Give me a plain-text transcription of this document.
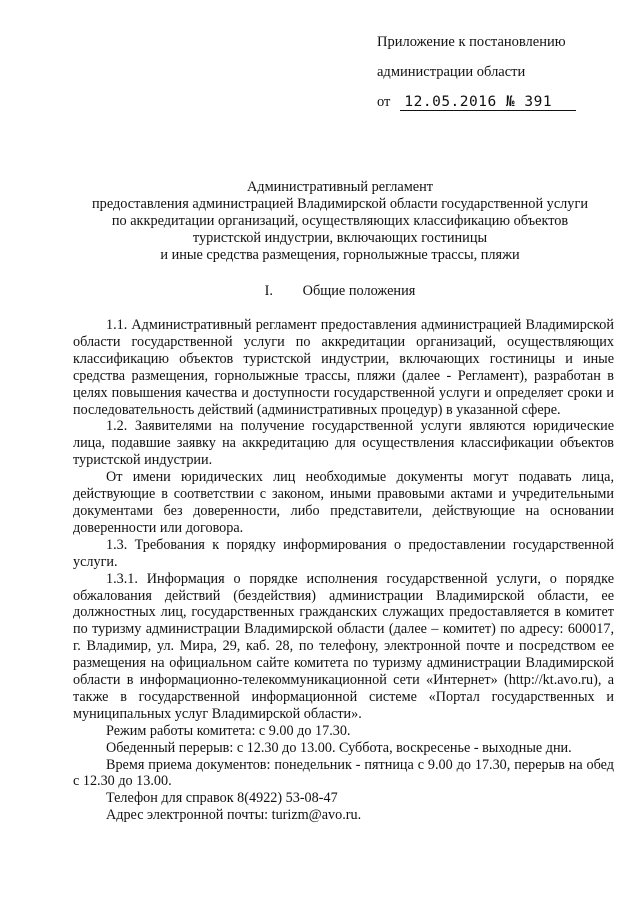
Приложение к постановлению
администрации области
от 12.05.2016 № 391
Административный регламент
предоставления администрацией Владимирской области государственной услуги
по аккредитации организаций, осуществляющих классификацию объектов
туристской индустрии, включающих гостиницы
и иные средства размещения, горнолыжные трассы, пляжи
I. Общие положения

1.1. Административный регламент предоставления администрацией Владимирской области государственной услуги по аккредитации организаций, осуществляющих классификацию объектов туристской индустрии, включающих гостиницы и иные средства размещения, горнолыжные трассы, пляжи (далее - Регламент), разработан в целях повышения качества и доступности государственной услуги и определяет сроки и последовательность действий (административных процедур) в указанной сфере.

1.2. Заявителями на получение государственной услуги являются юридические лица, подавшие заявку на аккредитацию для осуществления классификации объектов туристской индустрии.

От имени юридических лиц необходимые документы могут подавать лица, действующие в соответствии с законом, иными правовыми актами и учредительными документами без доверенности, либо представители, действующие на основании доверенности или договора.

1.3. Требования к порядку информирования о предоставлении государственной услуги.

1.3.1. Информация о порядке исполнения государственной услуги, о порядке обжалования действий (бездействия) администрации Владимирской области, ее должностных лиц, государственных гражданских служащих предоставляется в комитет по туризму администрации Владимирской области (далее – комитет) по адресу: 600017, г. Владимир, ул. Мира, 29, каб. 28, по телефону, электронной почте и посредством ее размещения на официальном сайте комитета по туризму администрации Владимирской области в информационно-телекоммуникационной сети «Интернет» (http://kt.avo.ru), а также в государственной информационной системе «Портал государственных и муниципальных услуг Владимирской области».

Режим работы комитета: с 9.00 до 17.30.

Обеденный перерыв: с 12.30 до 13.00. Суббота, воскресенье - выходные дни.

Время приема документов: понедельник - пятница с 9.00 до 17.30, перерыв на обед с 12.30 до 13.00.

Телефон для справок 8(4922) 53-08-47

Адрес электронной почты: turizm@avo.ru.
